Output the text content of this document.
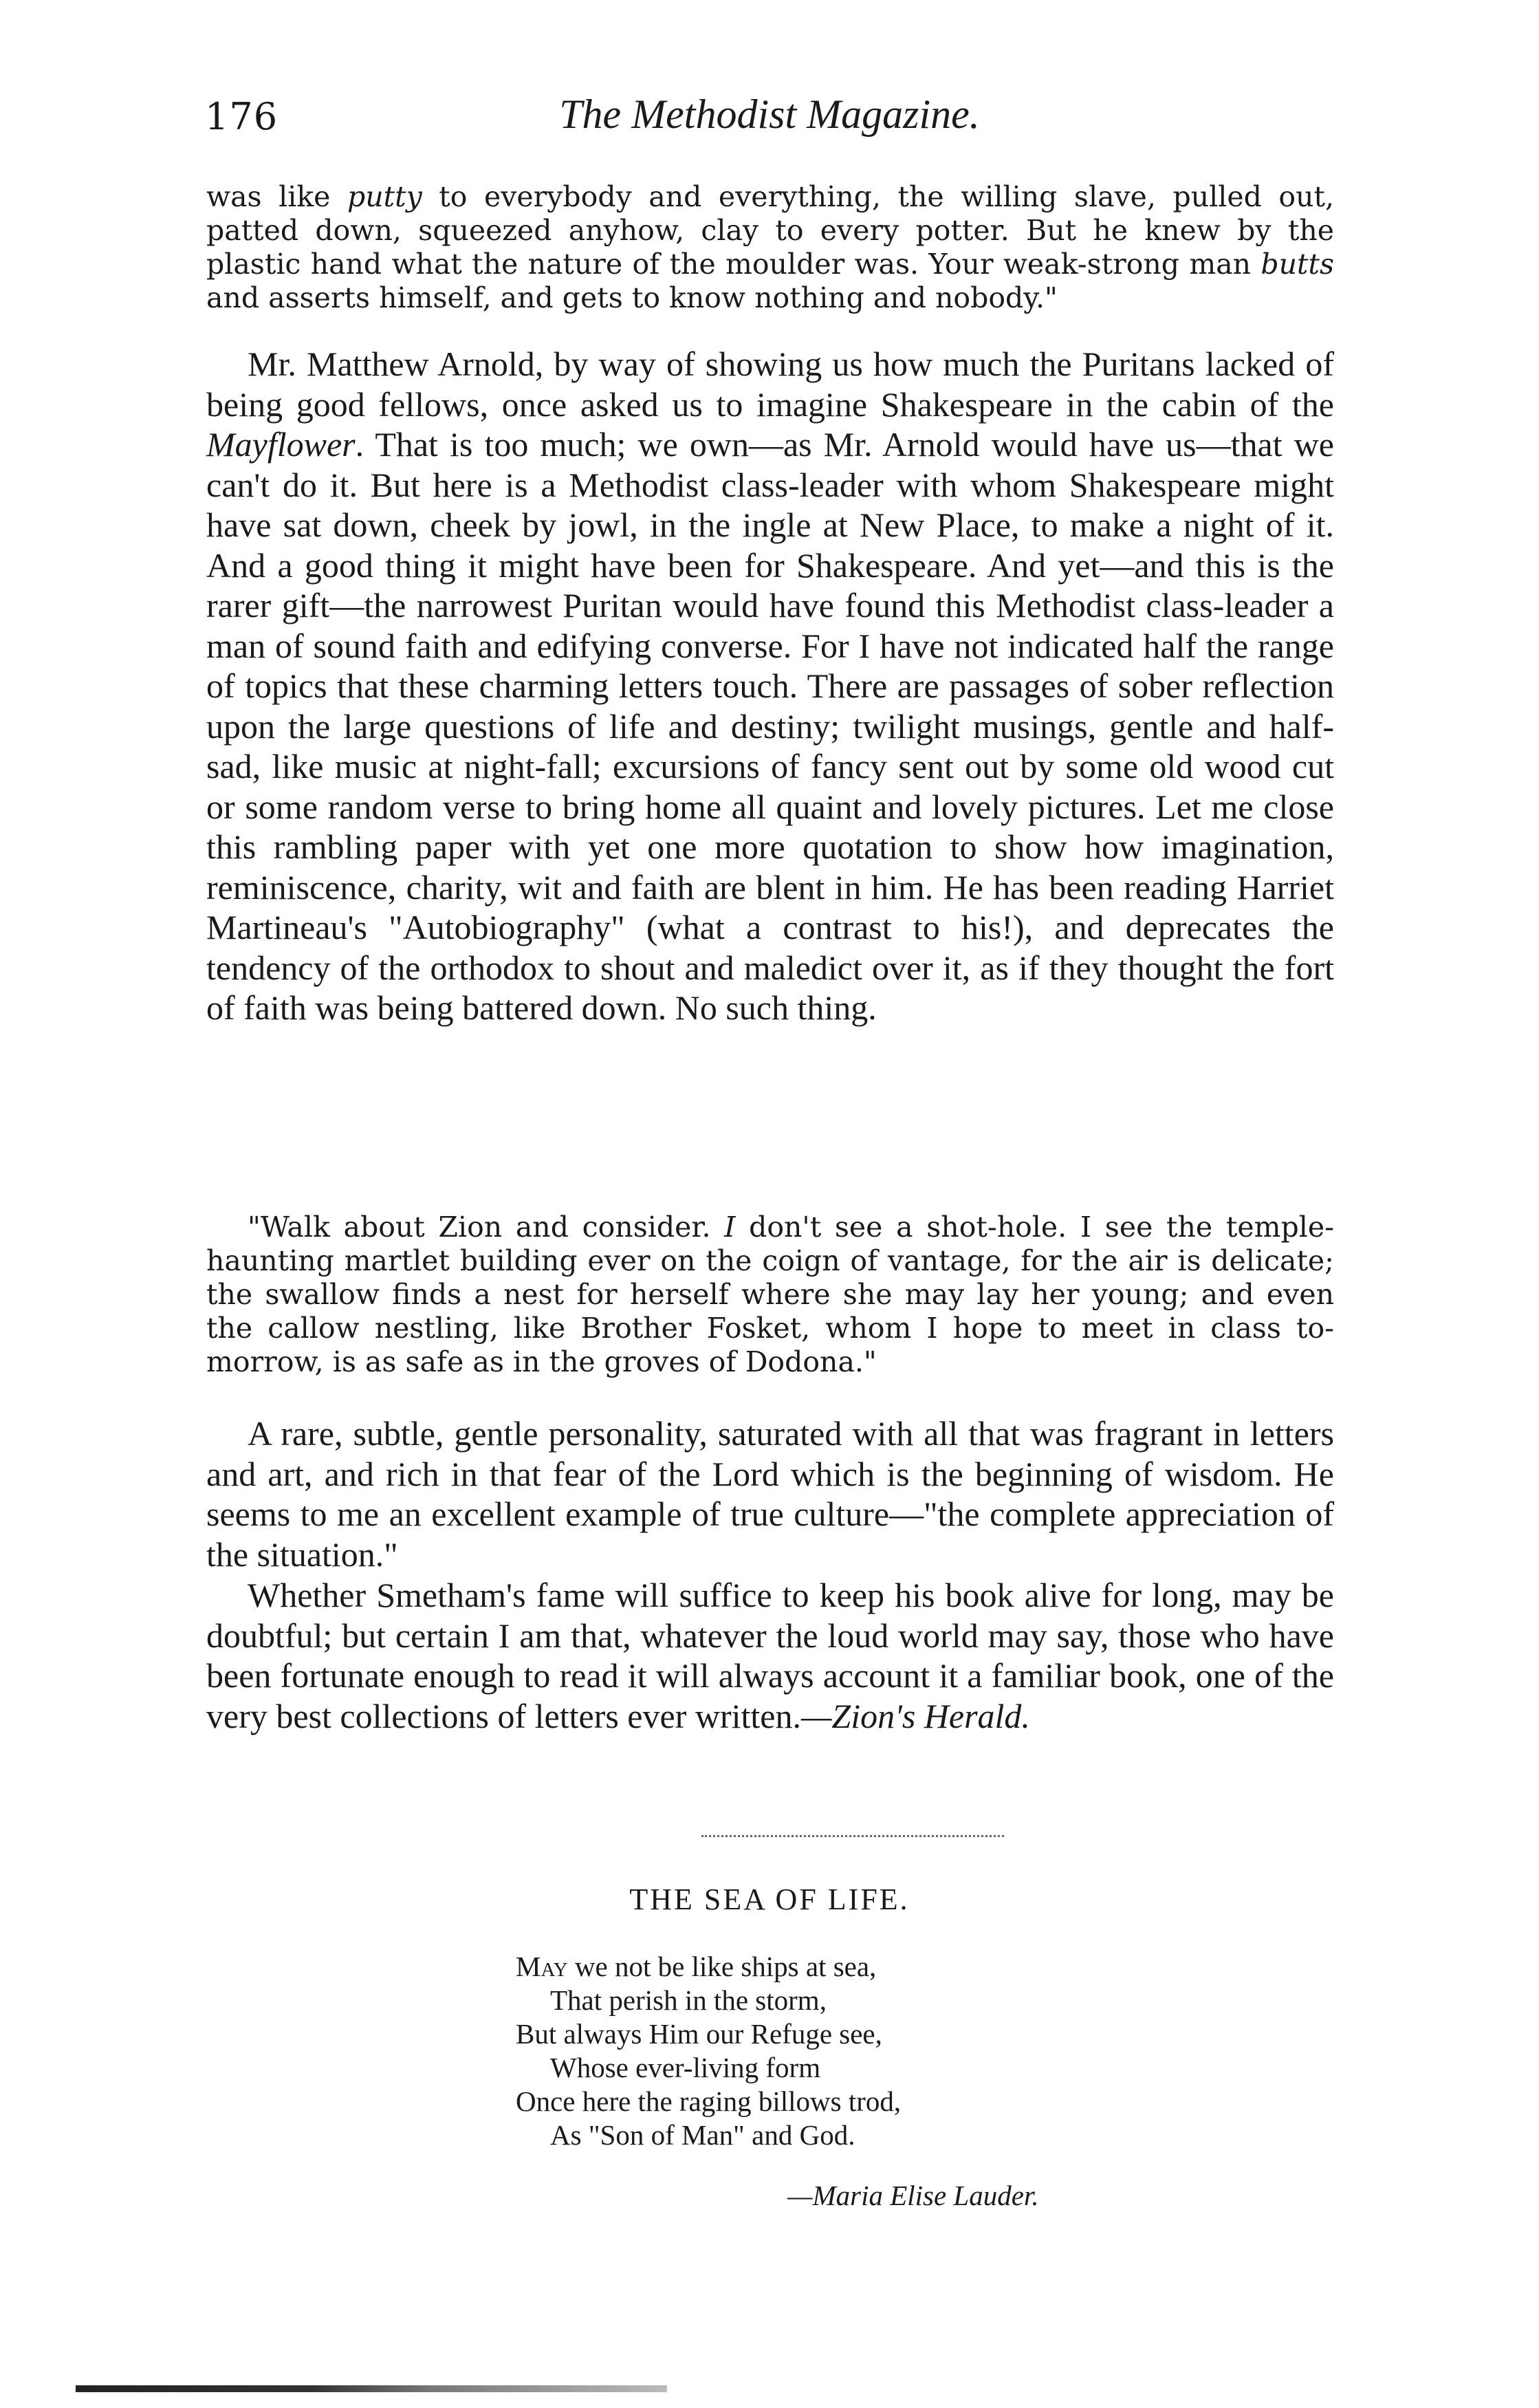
176	The Methodist Magazine.

was like putty to everybody and everything, the willing slave, pulled out, patted down, squeezed anyhow, clay to every potter. But he knew by the plastic hand what the nature of the moulder was. Your weak-strong man butts and asserts himself, and gets to know nothing and nobody."

Mr. Matthew Arnold, by way of showing us how much the Puritans lacked of being good fellows, once asked us to imagine Shakespeare in the cabin of the Mayflower. That is too much; we own—as Mr. Arnold would have us—that we can't do it. But here is a Methodist class-leader with whom Shakespeare might have sat down, cheek by jowl, in the ingle at New Place, to make a night of it. And a good thing it might have been for Shakespeare. And yet—and this is the rarer gift—the narrowest Puritan would have found this Methodist class-leader a man of sound faith and edifying converse. For I have not indicated half the range of topics that these charming letters touch. There are passages of sober reflection upon the large questions of life and destiny; twilight musings, gentle and half-sad, like music at night-fall; excursions of fancy sent out by some old wood cut or some random verse to bring home all quaint and lovely pictures. Let me close this rambling paper with yet one more quotation to show how imagination, reminiscence, charity, wit and faith are blent in him. He has been reading Harriet Martineau's "Autobiography" (what a contrast to his!), and deprecates the tendency of the orthodox to shout and maledict over it, as if they thought the fort of faith was being battered down. No such thing.

"Walk about Zion and consider. I don't see a shot-hole. I see the temple-haunting martlet building ever on the coign of vantage, for the air is delicate; the swallow finds a nest for herself where she may lay her young; and even the callow nestling, like Brother Fosket, whom I hope to meet in class to-morrow, is as safe as in the groves of Dodona."

A rare, subtle, gentle personality, saturated with all that was fragrant in letters and art, and rich in that fear of the Lord which is the beginning of wisdom. He seems to me an excellent example of true culture—"the complete appreciation of the situation."

Whether Smetham's fame will suffice to keep his book alive for long, may be doubtful; but certain I am that, whatever the loud world may say, those who have been fortunate enough to read it will always account it a familiar book, one of the very best collections of letters ever written.—Zion's Herald.

THE SEA OF LIFE.
May we not be like ships at sea,
That perish in the storm,
But always Him our Refuge see,
Whose ever-living form
Once here the raging billows trod,
As "Son of Man" and God.
—Maria Elise Lauder.
